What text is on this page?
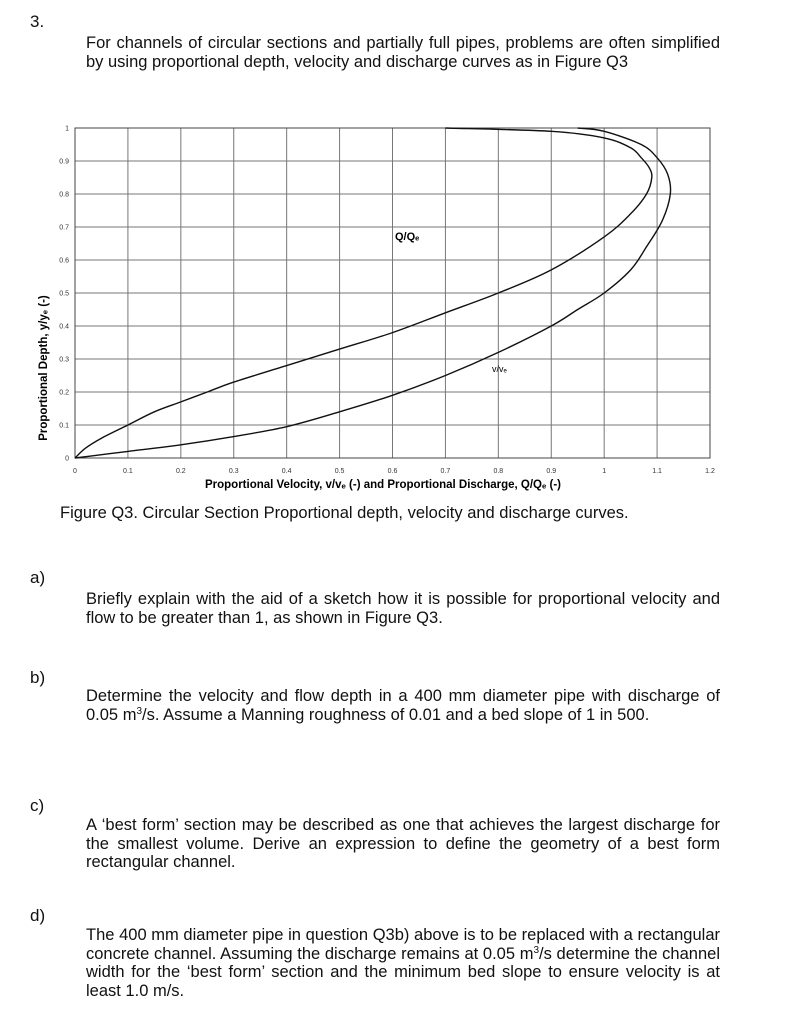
3.
For channels of circular sections and partially full pipes, problems are often simplified by using proportional depth, velocity and discharge curves as in Figure Q3
0	0.1	0.2	0.3	0.4	0.5	0.6	0.7	0.8	0.9	1	1.1	1.2
0
0.1
0.2
0.3
0.4
0.5
0.6
0.7
0.8
0.9
1
Proportional Depth, y/yₑ (-)
Proportional Velocity, v/vₑ (-) and Proportional Discharge, Q/Qₑ (-)
Q/Qₑ
v/vₑ
Figure Q3. Circular Section Proportional depth, velocity and discharge curves.
a)
Briefly explain with the aid of a sketch how it is possible for proportional velocity and flow to be greater than 1, as shown in Figure Q3.
b)
Determine the velocity and flow depth in a 400 mm diameter pipe with discharge of 0.05 $m^3/s$. Assume a Manning roughness of 0.01 and a bed slope of 1 in 500.
c)
A ‘best form’ section may be described as one that achieves the largest discharge for the smallest volume. Derive an expression to define the geometry of a best form rectangular channel.
d)
The 400 mm diameter pipe in question Q3b) above is to be replaced with a rectangular concrete channel. Assuming the discharge remains at 0.05 $m^3/s$ determine the channel width for the ‘best form’ section and the minimum bed slope to ensure velocity is at least 1.0 m/s.
